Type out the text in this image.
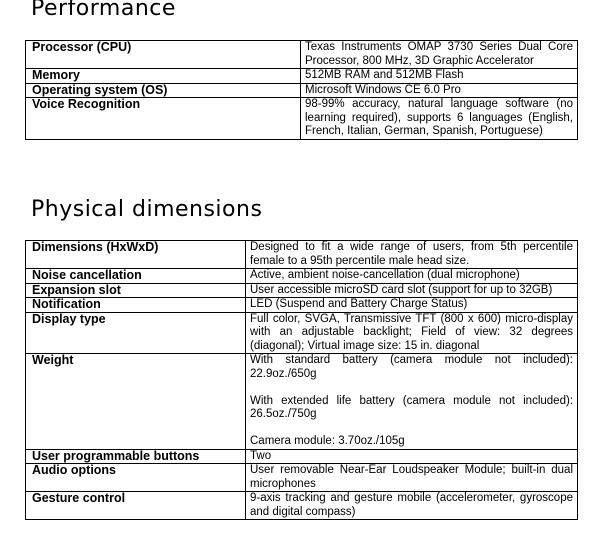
Performance
Processor (CPU)	Texas Instruments OMAP 3730 Series Dual Core Processor, 800 MHz, 3D Graphic Accelerator
Memory	512MB RAM and 512MB Flash
Operating system (OS)	Microsoft Windows CE 6.0 Pro
Voice Recognition	98-99% accuracy, natural language software (no learning required), supports 6 languages (English, French, Italian, German, Spanish, Portuguese)
Physical dimensions
Dimensions (HxWxD)	Designed to fit a wide range of users, from 5th percentile female to a 95th percentile male head size.
Noise cancellation	Active, ambient noise-cancellation (dual microphone)
Expansion slot	User accessible microSD card slot (support for up to 32GB)
Notification	LED (Suspend and Battery Charge Status)
Display type	Full color, SVGA, Transmissive TFT (800 x 600) micro-display with an adjustable backlight; Field of view: 32 degrees (diagonal); Virtual image size: 15 in. diagonal
Weight	With standard battery (camera module not included): 22.9oz./650g
With extended life battery (camera module not included): 26.5oz./750g
Camera module: 3.70oz./105g

User programmable buttons	Two
Audio options	User removable Near-Ear Loudspeaker Module; built-in dual microphones
Gesture control	9-axis tracking and gesture mobile (accelerometer, gyroscope and digital compass)
